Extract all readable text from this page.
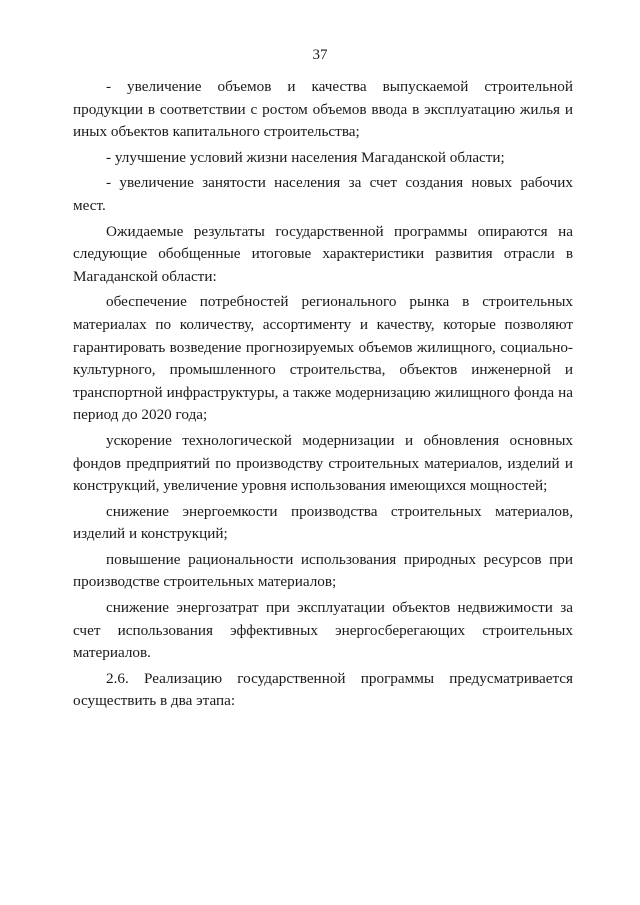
37

- увеличение объемов и качества выпускаемой строительной продукции в соответствии с ростом объемов ввода в эксплуатацию жилья и иных объектов капитального строительства;

- улучшение условий жизни населения Магаданской области;

- увеличение занятости населения за счет создания новых рабочих мест.

Ожидаемые результаты государственной программы опираются на следующие обобщенные итоговые характеристики развития отрасли в Магаданской области:

обеспечение потребностей регионального рынка в строительных материалах по количеству, ассортименту и качеству, которые позволяют гарантировать возведение прогнозируемых объемов жилищного, социально-культурного, промышленного строительства, объектов инженерной и транспортной инфраструктуры, а также модернизацию жилищного фонда на период до 2020 года;

ускорение технологической модернизации и обновления основных фондов предприятий по производству строительных материалов, изделий и конструкций, увеличение уровня использования имеющихся мощностей;

снижение энергоемкости производства строительных материалов, изделий и конструкций;

повышение рациональности использования природных ресурсов при производстве строительных материалов;

снижение энергозатрат при эксплуатации объектов недвижимости за счет использования эффективных энергосберегающих строительных материалов.

2.6. Реализацию государственной программы предусматривается осуществить в два этапа:
